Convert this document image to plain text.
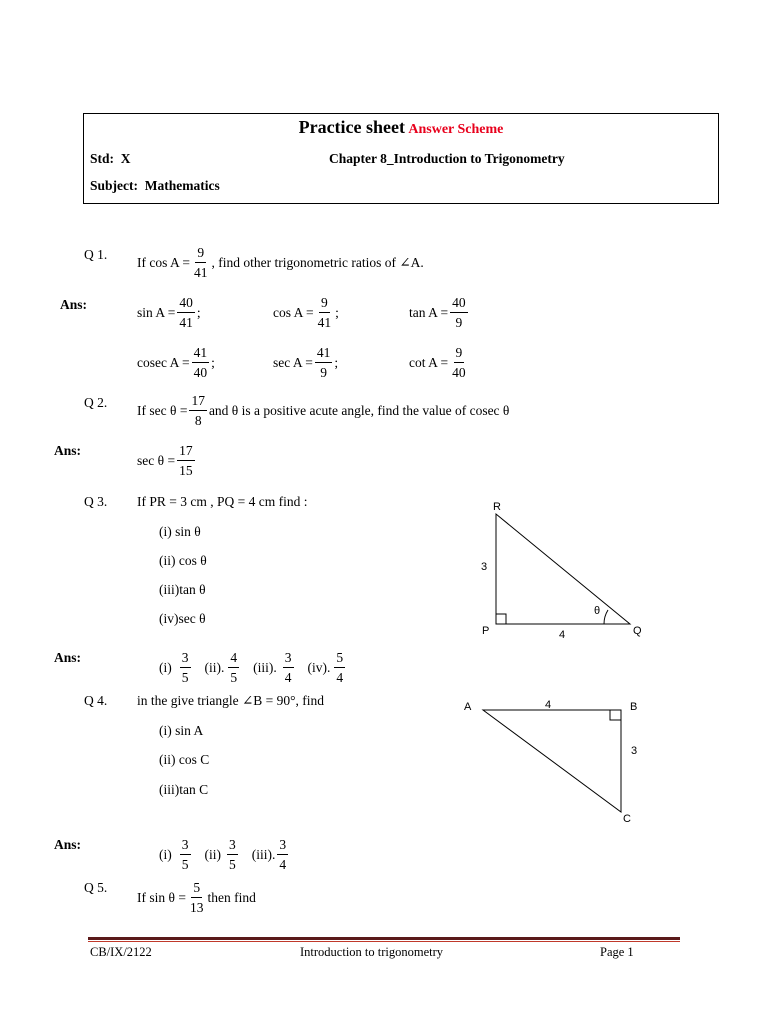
Practice sheet Answer Scheme
Std: X	Chapter 8_Introduction to Trigonometry
Subject: Mathematics
Q 1. If $\cos A = \frac{9}{41}$ , find other trigonometric ratios of ∠A.
Ans:	$\sin A = \frac{40}{41}$ ;	$\cos A = \frac{9}{41}$ ;	$\tan A = \frac{40}{9}$
cosec $A = \frac{41}{40}$ ;	$\sec A = \frac{41}{9}$ ;	$\cot A = \frac{9}{40}$
Q 2. If $\sec \theta = \frac{17}{8}$ and θ is a positive acute angle, find the value of cosec θ
Ans:
$\sec \theta = \frac{17}{15}$
Q 3. If PR = 3 cm , PQ = 4 cm find :
(i) sin θ
(ii) cos θ
(iii)tan θ
(iv)sec θ
R
P	Q
3
4
θ
Ans:
(i)
3
5
(ii).
4
5
(iii).
3
4
(iv).
5
4
Q 4. in the give triangle ∠B = 90°, find
(i) sin A
(ii) cos C
(iii)tan C
A	B
C
4
3
Ans:
(i)
3
5
(ii)
3
5
(iii).
3
4
Q 5.
If $\sin \theta = \frac{5}{13}$ then find
CB/IX/2122	Introduction to trigonometry	Page 1
